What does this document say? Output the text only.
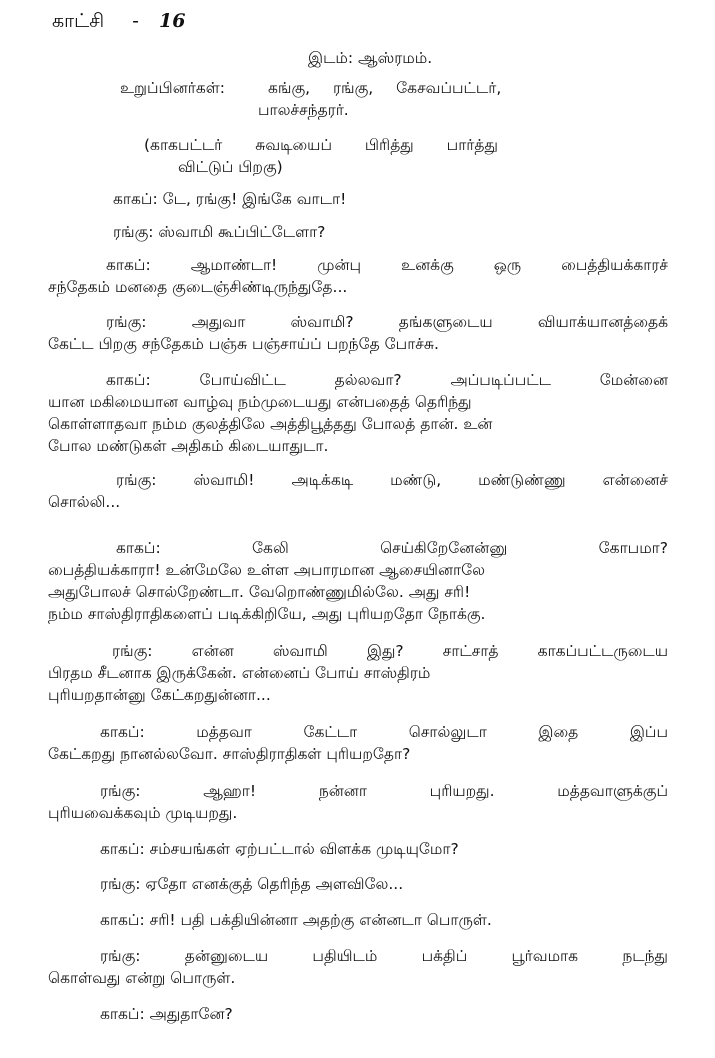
காட்சி - 16
இடம்: ஆஸ்ரமம்.
உறுப்பினர்கள்:	கங்கு, ரங்கு, கேசவப்பட்டர்,
பாலச்சந்தரர்.
(காகபட்டர் சுவடியைப் பிரித்து பார்த்து
விட்டுப் பிறகு)
காகப்: டே, ரங்கு! இங்கே வாடா!
ரங்கு: ஸ்வாமி கூப்பிட்டேளா?
காகப்: ஆமாண்டா! முன்பு உனக்கு ஒரு பைத்தியக்காரச்
சந்தேகம் மனதை குடைஞ்சிண்டிருந்துதே...
ரங்கு: அதுவா ஸ்வாமி? தங்களுடைய வியாக்யானத்தைக்
கேட்ட பிறகு சந்தேகம் பஞ்சு பஞ்சாய்ப் பறந்தே போச்சு.
காகப்: போய்விட்ட தல்லவா? அப்படிப்பட்ட மேன்னை
யான மகிமையான வாழ்வு நம்முடையது என்பதைத் தெரிந்து
கொள்ளாதவா நம்ம குலத்திலே அத்திபூத்தது போலத் தான். உன்
போல மண்டுகள் அதிகம் கிடையாதுடா.
ரங்கு: ஸ்வாமி! அடிக்கடி மண்டு, மண்டுண்ணு என்னைச்
சொல்லி...
காகப்: கேலி செய்கிறேனேன்னு கோபமா?
பைத்தியக்காரா! உன்மேலே உள்ள அபாரமான ஆசையினாலே
அதுபோலச் சொல்றேண்டா. வேறொண்ணுமில்லே. அது சரி!
நம்ம சாஸ்திராதிகளைப் படிக்கிறியே, அது புரியறதோ நோக்கு.
ரங்கு: என்ன ஸ்வாமி இது? சாட்சாத் காகப்பட்டருடைய
பிரதம சீடனாக இருக்கேன். என்னைப் போய் சாஸ்திரம்
புரியறதான்னு கேட்கறதுன்னா...
காகப்: மத்தவா கேட்டா சொல்லுடா இதை இப்ப
கேட்கறது நானல்லவோ. சாஸ்திராதிகள் புரியறதோ?
ரங்கு: ஆஹா! நன்னா புரியறது. மத்தவாளுக்குப்
புரியவைக்கவும் முடியறது.
காகப்: சம்சயங்கள் ஏற்பட்டால் விளக்க முடியுமோ?
ரங்கு: ஏதோ எனக்குத் தெரிந்த அளவிலே...
காகப்: சரி! பதி பக்தியின்னா அதற்கு என்னடா பொருள்.
ரங்கு: தன்னுடைய பதியிடம் பக்திப் பூர்வமாக நடந்து
கொள்வது என்று பொருள்.
காகப்: அதுதானே?
